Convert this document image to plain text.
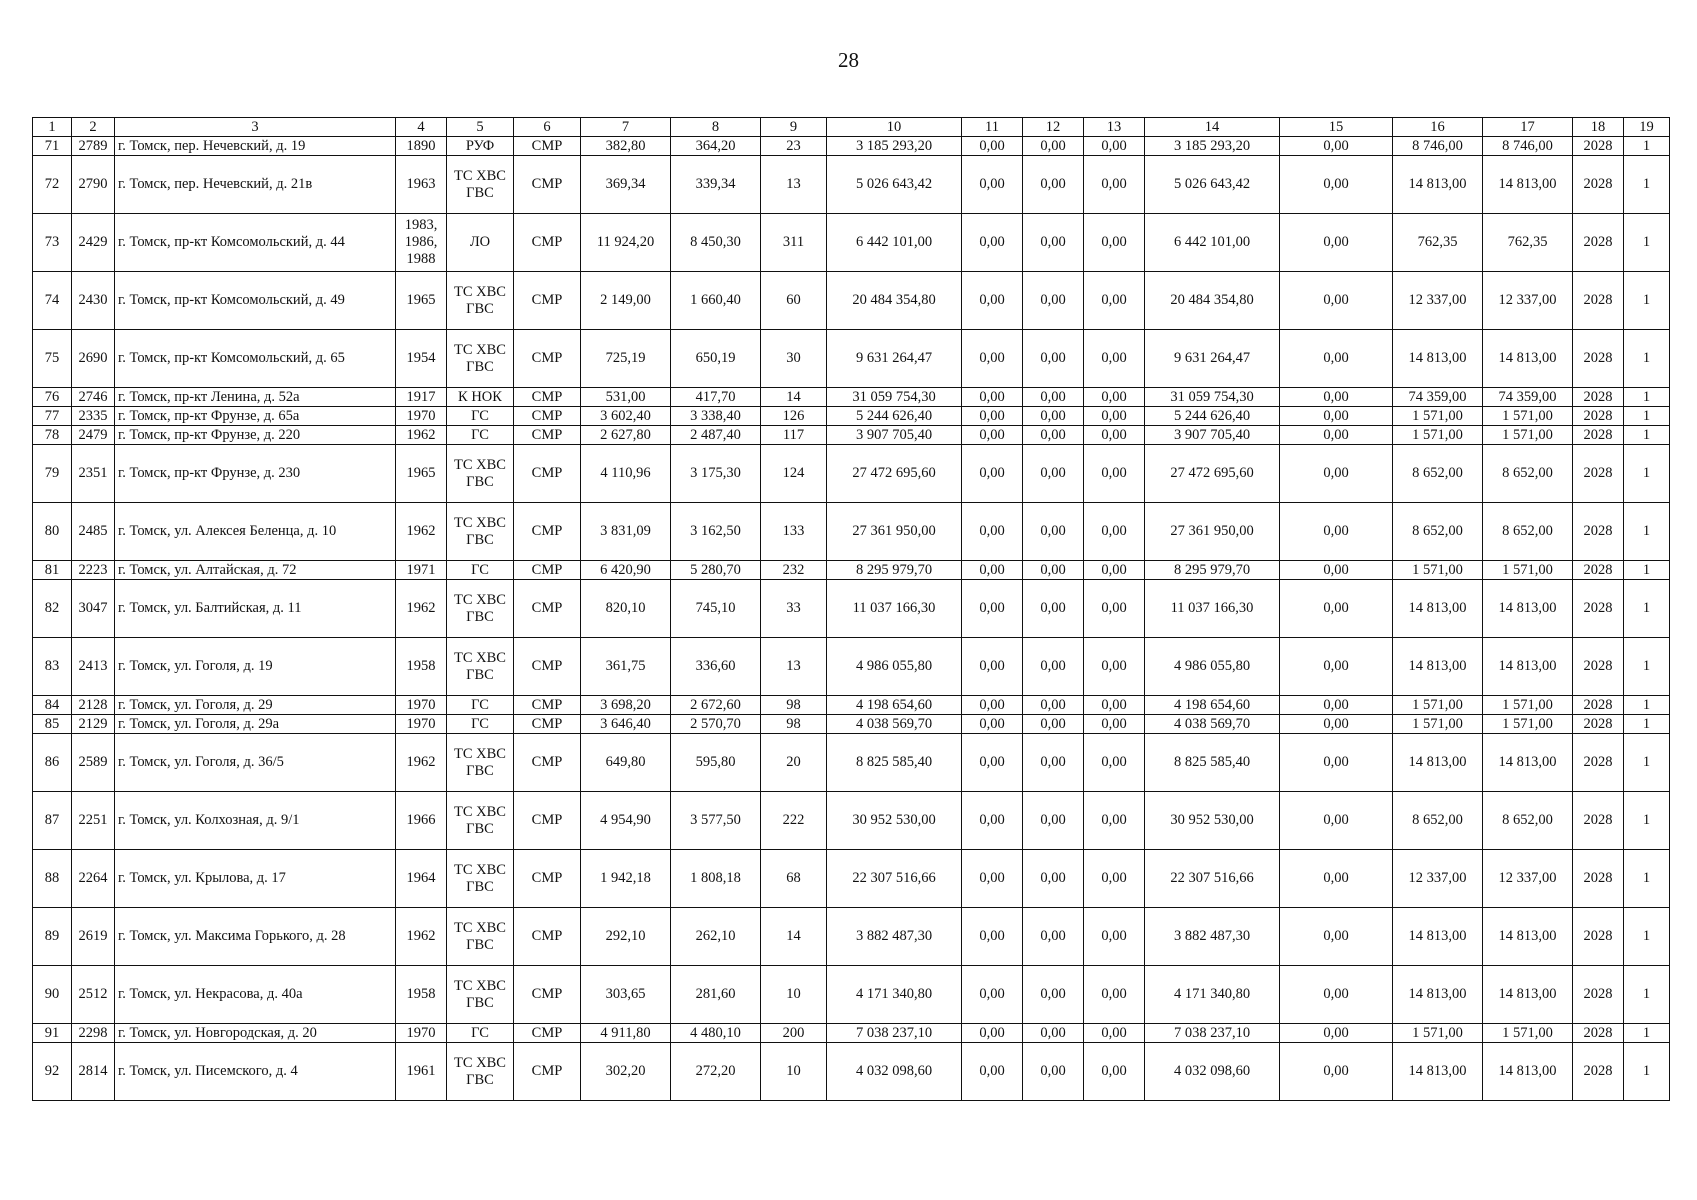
28
1	2	3	4	5	6	7	8	9	10	11	12	13	14	15	16	17	18	19
71	2789	г. Томск, пер. Нечевский, д. 19	1890	РУФ	СМР	382,80	364,20	23	3 185 293,20	0,00	0,00	0,00	3 185 293,20	0,00	8 746,00	8 746,00	2028	1
72	2790	г. Томск, пер. Нечевский, д. 21в	1963	ТС ХВС ГВС	СМР	369,34	339,34	13	5 026 643,42	0,00	0,00	0,00	5 026 643,42	0,00	14 813,00	14 813,00	2028	1
73	2429	г. Томск, пр-кт Комсомольский, д. 44	1983, 1986, 1988	ЛО	СМР	11 924,20	8 450,30	311	6 442 101,00	0,00	0,00	0,00	6 442 101,00	0,00	762,35	762,35	2028	1
74	2430	г. Томск, пр-кт Комсомольский, д. 49	1965	ТС ХВС ГВС	СМР	2 149,00	1 660,40	60	20 484 354,80	0,00	0,00	0,00	20 484 354,80	0,00	12 337,00	12 337,00	2028	1
75	2690	г. Томск, пр-кт Комсомольский, д. 65	1954	ТС ХВС ГВС	СМР	725,19	650,19	30	9 631 264,47	0,00	0,00	0,00	9 631 264,47	0,00	14 813,00	14 813,00	2028	1
76	2746	г. Томск, пр-кт Ленина, д. 52а	1917	К НОК	СМР	531,00	417,70	14	31 059 754,30	0,00	0,00	0,00	31 059 754,30	0,00	74 359,00	74 359,00	2028	1
77	2335	г. Томск, пр-кт Фрунзе, д. 65а	1970	ГС	СМР	3 602,40	3 338,40	126	5 244 626,40	0,00	0,00	0,00	5 244 626,40	0,00	1 571,00	1 571,00	2028	1
78	2479	г. Томск, пр-кт Фрунзе, д. 220	1962	ГС	СМР	2 627,80	2 487,40	117	3 907 705,40	0,00	0,00	0,00	3 907 705,40	0,00	1 571,00	1 571,00	2028	1
79	2351	г. Томск, пр-кт Фрунзе, д. 230	1965	ТС ХВС ГВС	СМР	4 110,96	3 175,30	124	27 472 695,60	0,00	0,00	0,00	27 472 695,60	0,00	8 652,00	8 652,00	2028	1
80	2485	г. Томск, ул. Алексея Беленца, д. 10	1962	ТС ХВС ГВС	СМР	3 831,09	3 162,50	133	27 361 950,00	0,00	0,00	0,00	27 361 950,00	0,00	8 652,00	8 652,00	2028	1
81	2223	г. Томск, ул. Алтайская, д. 72	1971	ГС	СМР	6 420,90	5 280,70	232	8 295 979,70	0,00	0,00	0,00	8 295 979,70	0,00	1 571,00	1 571,00	2028	1
82	3047	г. Томск, ул. Балтийская, д. 11	1962	ТС ХВС ГВС	СМР	820,10	745,10	33	11 037 166,30	0,00	0,00	0,00	11 037 166,30	0,00	14 813,00	14 813,00	2028	1
83	2413	г. Томск, ул. Гоголя, д. 19	1958	ТС ХВС ГВС	СМР	361,75	336,60	13	4 986 055,80	0,00	0,00	0,00	4 986 055,80	0,00	14 813,00	14 813,00	2028	1
84	2128	г. Томск, ул. Гоголя, д. 29	1970	ГС	СМР	3 698,20	2 672,60	98	4 198 654,60	0,00	0,00	0,00	4 198 654,60	0,00	1 571,00	1 571,00	2028	1
85	2129	г. Томск, ул. Гоголя, д. 29а	1970	ГС	СМР	3 646,40	2 570,70	98	4 038 569,70	0,00	0,00	0,00	4 038 569,70	0,00	1 571,00	1 571,00	2028	1
86	2589	г. Томск, ул. Гоголя, д. 36/5	1962	ТС ХВС ГВС	СМР	649,80	595,80	20	8 825 585,40	0,00	0,00	0,00	8 825 585,40	0,00	14 813,00	14 813,00	2028	1
87	2251	г. Томск, ул. Колхозная, д. 9/1	1966	ТС ХВС ГВС	СМР	4 954,90	3 577,50	222	30 952 530,00	0,00	0,00	0,00	30 952 530,00	0,00	8 652,00	8 652,00	2028	1
88	2264	г. Томск, ул. Крылова, д. 17	1964	ТС ХВС ГВС	СМР	1 942,18	1 808,18	68	22 307 516,66	0,00	0,00	0,00	22 307 516,66	0,00	12 337,00	12 337,00	2028	1
89	2619	г. Томск, ул. Максима Горького, д. 28	1962	ТС ХВС ГВС	СМР	292,10	262,10	14	3 882 487,30	0,00	0,00	0,00	3 882 487,30	0,00	14 813,00	14 813,00	2028	1
90	2512	г. Томск, ул. Некрасова, д. 40а	1958	ТС ХВС ГВС	СМР	303,65	281,60	10	4 171 340,80	0,00	0,00	0,00	4 171 340,80	0,00	14 813,00	14 813,00	2028	1
91	2298	г. Томск, ул. Новгородская, д. 20	1970	ГС	СМР	4 911,80	4 480,10	200	7 038 237,10	0,00	0,00	0,00	7 038 237,10	0,00	1 571,00	1 571,00	2028	1
92	2814	г. Томск, ул. Писемского, д. 4	1961	ТС ХВС ГВС	СМР	302,20	272,20	10	4 032 098,60	0,00	0,00	0,00	4 032 098,60	0,00	14 813,00	14 813,00	2028	1
